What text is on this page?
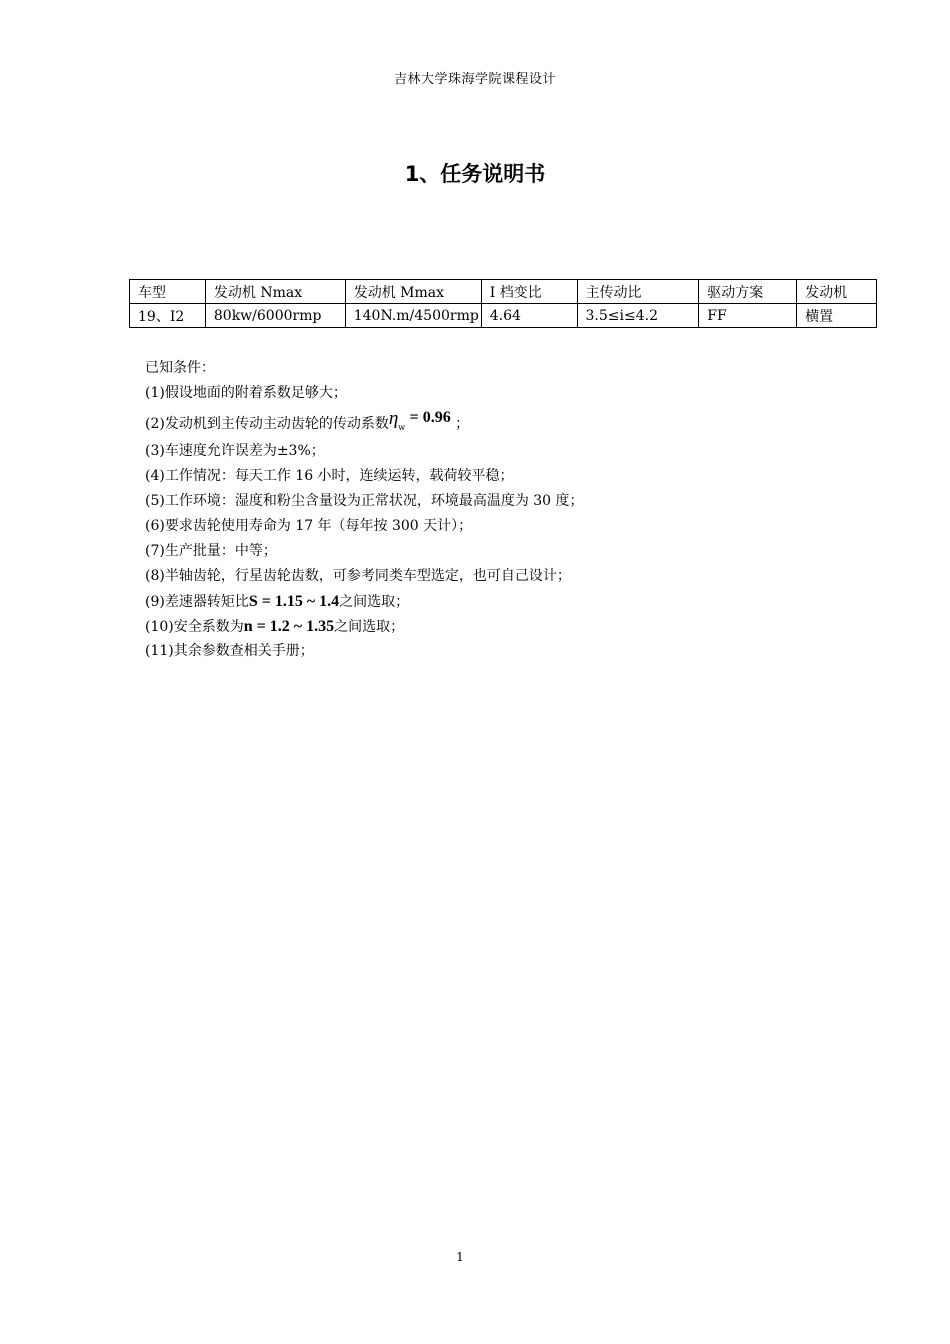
吉林大学珠海学院课程设计
1、任务说明书
车型	发动机 Nmax	发动机 Mmax	I 档变比	主传动比	驱动方案	发动机
19、I2	80kw/6000rmp	140N.m/4500rmp	4.64	3.5≤i≤4.2	FF	横置
已知条件：
(1)假设地面的附着系数足够大；
(2)发动机到主传动主动齿轮的传动系数ηw = 0.96 ；
(3)车速度允许误差为±3%；
(4)工作情况：每天工作 16 小时，连续运转，载荷较平稳；
(5)工作环境：湿度和粉尘含量设为正常状况，环境最高温度为 30 度；
(6)要求齿轮使用寿命为 17 年（每年按 300 天计）；
(7)生产批量：中等；
(8)半轴齿轮，行星齿轮齿数，可参考同类车型选定，也可自己设计；
(9)差速器转矩比S = 1.15 ~ 1.4之间选取；
(10)安全系数为n = 1.2 ~ 1.35之间选取；
(11)其余参数查相关手册；
1
